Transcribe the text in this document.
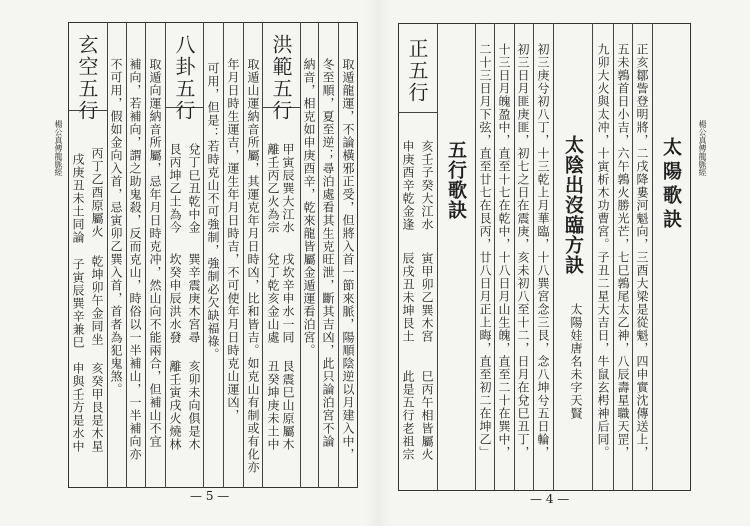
楊公真傳龍脈經	取遁龍運，不論橫邪正受，但將入首一節來脈，陽順陰逆以月建入中，
冬至順，夏至逆；尋泊處看其生克旺泄，斷其吉凶，此只論泊宮不論
納音，相克如申庚酉辛，乾來龍皆屬金遁運看泊宮。
洪範五行
甲寅辰巽大江水
戌坎辛申水一同
艮震巳山原屬木
離壬丙乙火為宗
兌丁乾亥金山處
丑癸坤庚未土中
取遁山運納音所屬，其運克年月日時凶，比和皆吉。如克山有制或有化亦
年月日時生運吉，運生年月日時吉，不可使年月日時克山運凶，
可用，但是：若時克山不可強制，強制必欠缺福祿。
八卦五行
兌丁巳丑乾中金
巽辛震庚木宮尋
亥卯未向俱是木
艮丙坤乙土為今
坎癸申辰洪水發
離壬寅戌火燒林
取遁向運納音所屬，忌年月日時克冲，然山向不能兩合，但補山不宜
補向，若補向，謂之助鬼殺，反而克山，時俗以一半補山，一半補向亦
不可用，假如金向入首，忌寅卯乙巽入首，首者為犯鬼煞。
玄空五行
丙丁乙酉原屬火
乾坤卯午金同坐
亥癸甲艮是木星
戌庚丑未土同論
子寅辰巽辛兼巳
申與壬方是水中
— 5 —
楊公真傳龍脈經
太陽歌訣
正亥鄒訾登明將，二戌降婁河魁向，三酉大梁是從魁，四申實沈傳送上，
五未鶉首日小吉，六午鶉火勝光芒，七巳鶉尾太乙神，八辰壽星職天罡，
九卯大火與太冲，十寅析木功曹宮。子丑二星大吉日，牛鼠玄枵神后同。
太陰出沒臨方訣
太陽娃唐名未字天賢
初三庚兮初八丁，十三乾上月華臨，十八巽宮念三艮，念八坤兮五日輪，
初三日月匪庚匪，初七之日在震庚，亥未初八至十二，日月在兌巳丑丁，
十三日月魄盈中，直至十七在乾中，十八日月山生魄，直至二十在巽中，
二十三日月下弦，直至廿七在艮丙，廿八日月正上晦，直至初二在坤乙」
五行歌訣
正五行
亥壬子癸大江水
寅甲卯乙巽木宮
巳丙午相皆屬火
申庚酉辛乾金逢
辰戌丑未坤艮土
此是五行老祖宗
— 4 —
